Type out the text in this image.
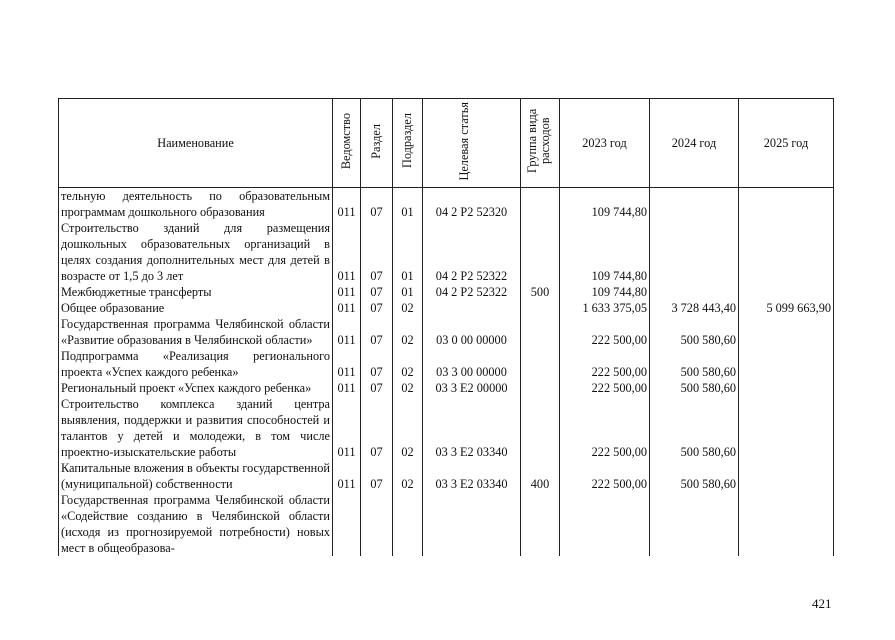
Наименование	Ведомство	Раздел	Подраздел	Целевая статья	Группа вида расходов	2023 год	2024 год	2025 год
тельную деятельность по образовательным программам дошкольного образования	011	07	01	04 2 Р2 52320		109 744,80		
Строительство зданий для размещения дошкольных образовательных организаций в целях создания дополнительных мест для детей в возрасте от 1,5 до 3 лет	011	07	01	04 2 Р2 52322		109 744,80		
Межбюджетные трансферты	011	07	01	04 2 Р2 52322	500	109 744,80		
Общее образование	011	07	02			1 633 375,05	3 728 443,40	5 099 663,90
Государственная программа Челябинской области «Развитие образования в Челябинской области»	011	07	02	03 0 00 00000		222 500,00	500 580,60	
Подпрограмма «Реализация регионального проекта «Успех каждого ребенка»	011	07	02	03 3 00 00000		222 500,00	500 580,60	
Региональный проект «Успех каждого ребенка»	011	07	02	03 3 Е2 00000		222 500,00	500 580,60	
Строительство комплекса зданий центра выявления, поддержки и развития способностей и талантов у детей и молодежи, в том числе проектно-изыскательские работы	011	07	02	03 3 Е2 03340		222 500,00	500 580,60	
Капитальные вложения в объекты государственной (муниципальной) собственности	011	07	02	03 3 Е2 03340	400	222 500,00	500 580,60	
Государственная программа Челябинской области «Содействие созданию в Челябинской области (исходя из прогнозируемой потребности) новых мест в общеобразова-								
421
